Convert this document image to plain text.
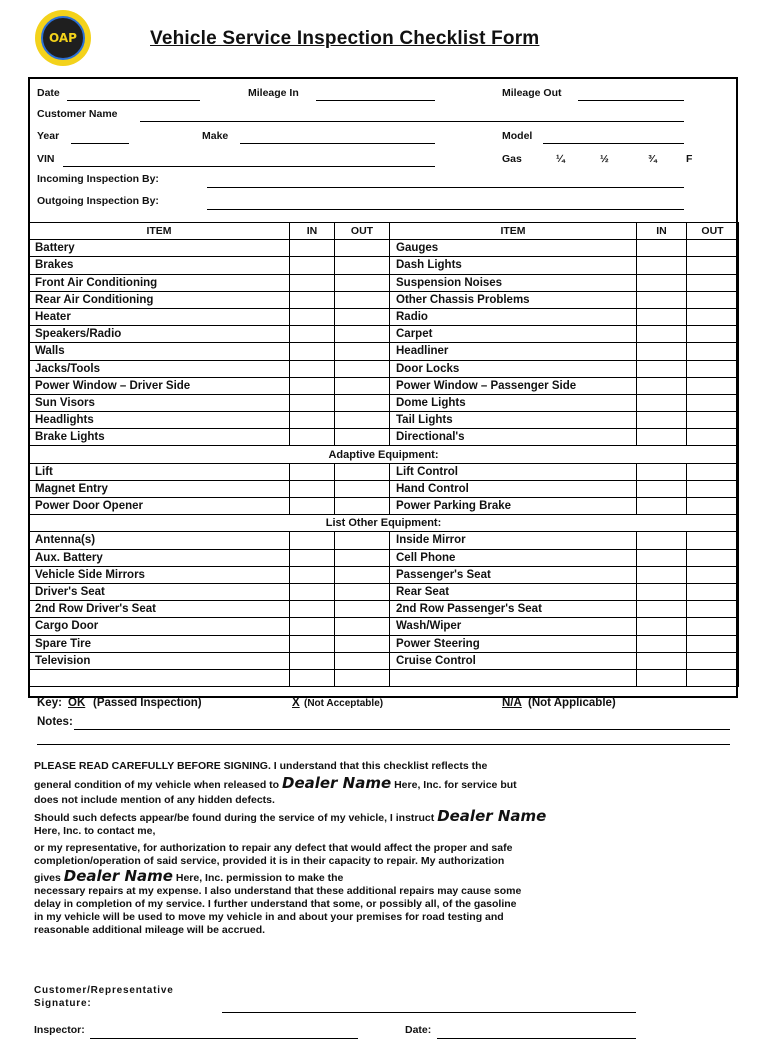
OAP	Vehicle Service Inspection Checklist Form
Date	Mileage In	Mileage Out
Customer Name
Year	Make	Model
VIN	Gas	¼	½	¾	F
Incoming Inspection By:
Outgoing Inspection By:
ITEM	IN	OUT	ITEM	IN	OUT
Battery			Gauges		
Brakes			Dash Lights		
Front Air Conditioning			Suspension Noises		
Rear Air Conditioning			Other Chassis Problems		
Heater			Radio		
Speakers/Radio			Carpet		
Walls			Headliner		
Jacks/Tools			Door Locks		
Power Window – Driver Side			Power Window – Passenger Side		
Sun Visors			Dome Lights		
Headlights			Tail Lights		
Brake Lights			Directional's		
Adaptive Equipment:					
Lift			Lift Control		
Magnet Entry			Hand Control		
Power Door Opener			Power Parking Brake		
List Other Equipment:					
Antenna(s)			Inside Mirror		
Aux. Battery			Cell Phone		
Vehicle Side Mirrors			Passenger's Seat		
Driver's Seat			Rear Seat		
2nd Row Driver's Seat			2nd Row Passenger's Seat		
Cargo Door			Wash/Wiper		
Spare Tire			Power Steering		
Television			Cruise Control		

Key: OK (Passed Inspection)	X (Not Acceptable)	N/A (Not Applicable)
Notes:

PLEASE READ CAREFULLY BEFORE SIGNING. I understand that this checklist reflects the

general condition of my vehicle when released to Dealer Name Here, Inc. for service but

does not include mention of any hidden defects.

Should such defects appear/be found during the service of my vehicle, I instruct Dealer Name

Here, Inc. to contact me,

or my representative, for authorization to repair any defect that would affect the proper and safe

completion/operation of said service, provided it is in their capacity to repair. My authorization

gives Dealer Name Here, Inc. permission to make the

necessary repairs at my expense. I also understand that these additional repairs may cause some

delay in completion of my service. I further understand that some, or possibly all, of the gasoline

in my vehicle will be used to move my vehicle in and about your premises for road testing and

reasonable additional mileage will be accrued.

Customer/Representative
Signature:
Inspector:	Date:
